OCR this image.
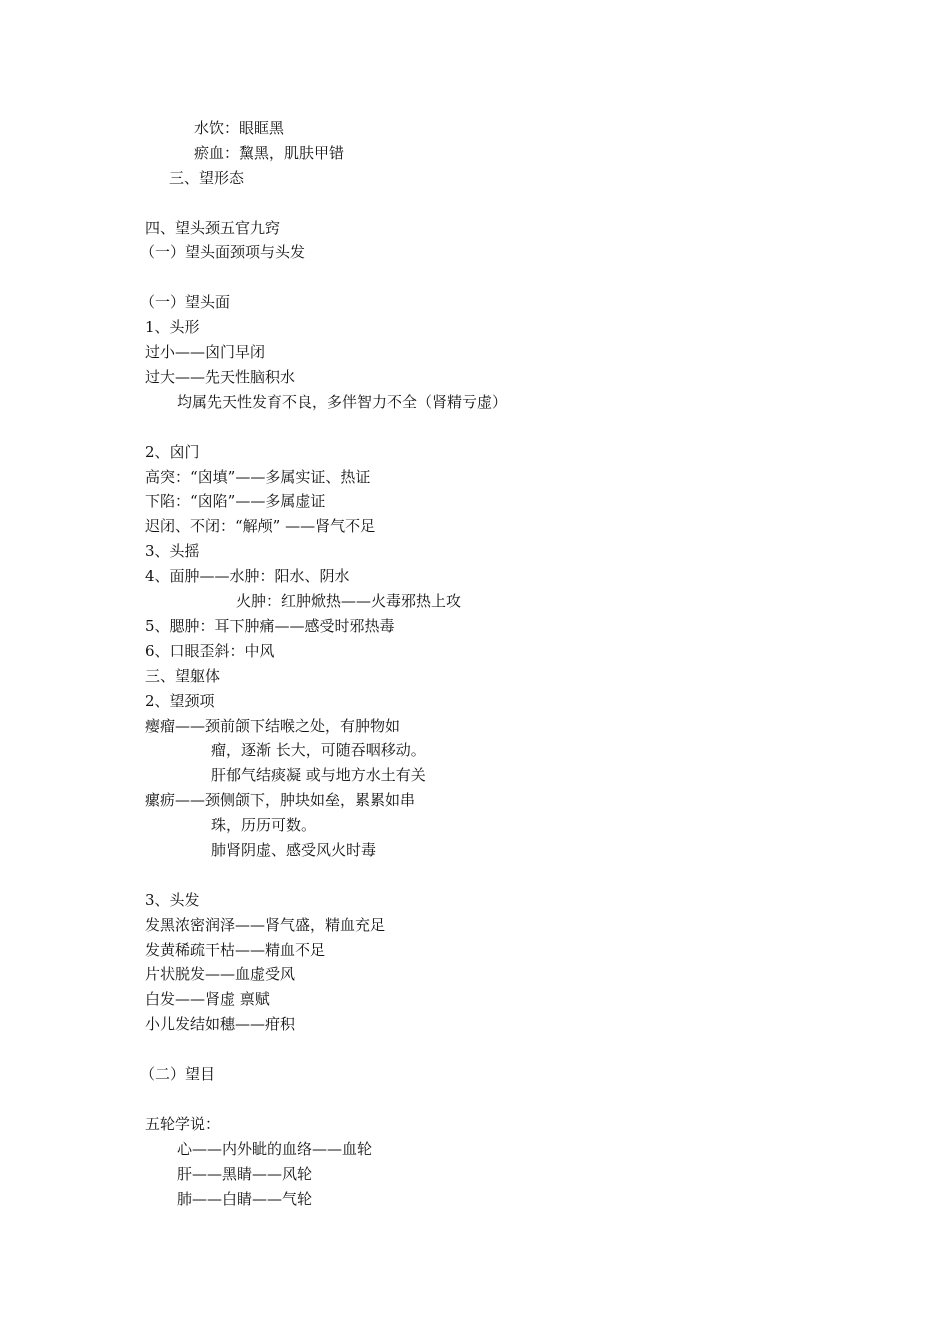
水饮：眼眶黑
瘀血：黧黑，肌肤甲错
三、望形态
四、望头颈五官九窍
（一）望头面颈项与头发
（一）望头面
1、头形
过小——囟门早闭
过大——先天性脑积水
均属先天性发育不良，多伴智力不全（肾精亏虚）
2、囟门
高突：“囟填”——多属实证、热证
下陷：“囟陷”——多属虚证
迟闭、不闭：“解颅” ——肾气不足
3、头摇
4、面肿——水肿：阳水、阴水
火肿：红肿焮热——火毒邪热上攻
5、腮肿：耳下肿痛——感受时邪热毒
6、口眼歪斜：中风
三、望躯体
2、望颈项
瘿瘤——颈前颌下结喉之处，有肿物如
瘤，逐渐 长大，可随吞咽移动。
肝郁气结痰凝 或与地方水土有关
瘰疬——颈侧颌下，肿块如垒，累累如串
珠，历历可数。
肺肾阴虚、感受风火时毒
3、头发
发黑浓密润泽——肾气盛，精血充足
发黄稀疏干枯——精血不足
片状脱发——血虚受风
白发——肾虚 禀赋
小儿发结如穗——疳积
（二）望目
五轮学说：
心——内外眦的血络——血轮
肝——黑睛——风轮
肺——白睛——气轮
